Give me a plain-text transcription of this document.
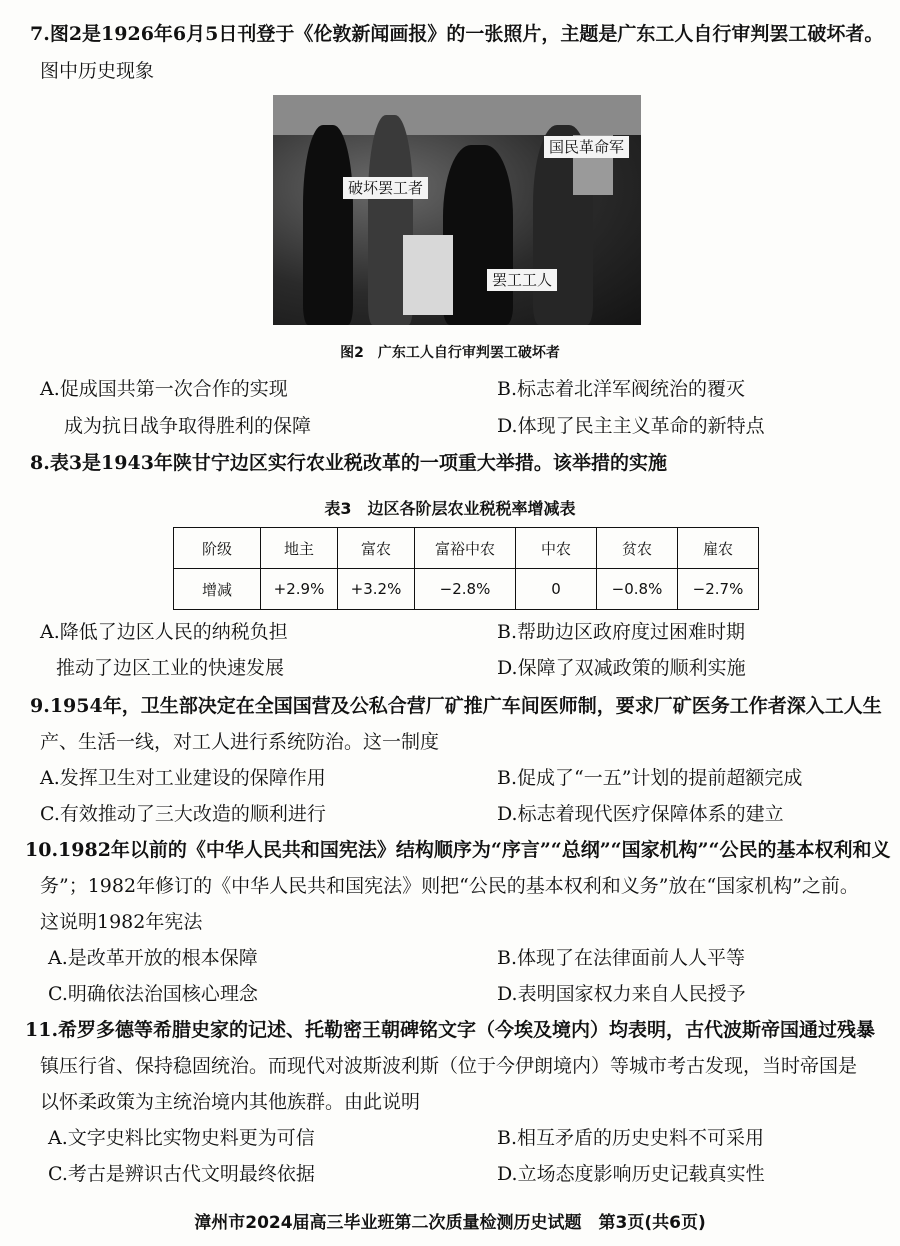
7.图2是1926年6月5日刊登于《伦敦新闻画报》的一张照片，主题是广东工人自行审判罢工破坏者。
图中历史现象
国民革命军
破坏罢工者
罢工工人
图2　广东工人自行审判罢工破坏者
A.促成国共第一次合作的实现	B.标志着北洋军阀统治的覆灭
成为抗日战争取得胜利的保障	D.体现了民主主义革命的新特点
8.表3是1943年陕甘宁边区实行农业税改革的一项重大举措。该举措的实施
表3　边区各阶层农业税税率增减表
阶级	地主	富农	富裕中农	中农	贫农	雇农
增减	+2.9%	+3.2%	−2.8%	0	−0.8%	−2.7%
A.降低了边区人民的纳税负担	B.帮助边区政府度过困难时期
推动了边区工业的快速发展	D.保障了双减政策的顺利实施
9.1954年，卫生部决定在全国国营及公私合营厂矿推广车间医师制，要求厂矿医务工作者深入工人生
产、生活一线，对工人进行系统防治。这一制度
A.发挥卫生对工业建设的保障作用	B.促成了“一五”计划的提前超额完成
C.有效推动了三大改造的顺利进行	D.标志着现代医疗保障体系的建立
10.1982年以前的《中华人民共和国宪法》结构顺序为“序言”“总纲”“国家机构”“公民的基本权利和义
务”；1982年修订的《中华人民共和国宪法》则把“公民的基本权利和义务”放在“国家机构”之前。
这说明1982年宪法
A.是改革开放的根本保障	B.体现了在法律面前人人平等
C.明确依法治国核心理念	D.表明国家权力来自人民授予
11.希罗多德等希腊史家的记述、托勒密王朝碑铭文字（今埃及境内）均表明，古代波斯帝国通过残暴
镇压行省、保持稳固统治。而现代对波斯波利斯（位于今伊朗境内）等城市考古发现，当时帝国是
以怀柔政策为主统治境内其他族群。由此说明
A.文字史料比实物史料更为可信	B.相互矛盾的历史史料不可采用
C.考古是辨识古代文明最终依据	D.立场态度影响历史记载真实性
漳州市2024届高三毕业班第二次质量检测历史试题　第3页(共6页)
